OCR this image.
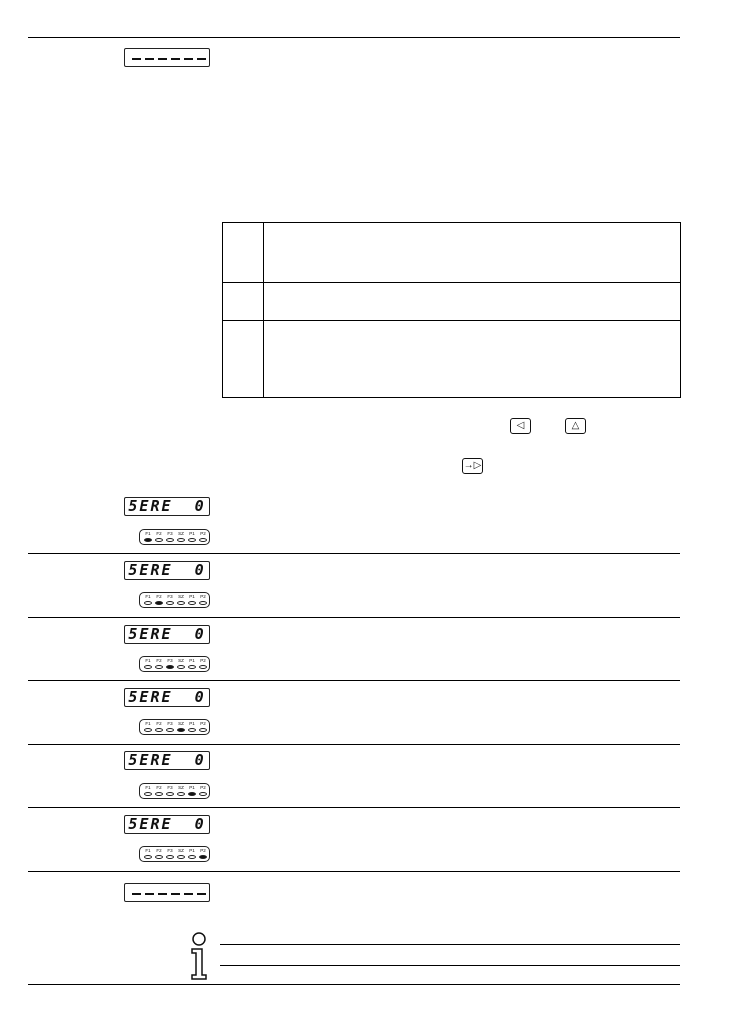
◁	△
→▷
5ERE  0
F1	F2	F3	SZ	P1	P2
5ERE  0
F1	F2	F3	SZ	P1	P2
5ERE  0
F1	F2	F3	SZ	P1	P2
5ERE  0
F1	F2	F3	SZ	P1	P2
5ERE  0
F1	F2	F3	SZ	P1	P2
5ERE  0
F1	F2	F3	SZ	P1	P2
